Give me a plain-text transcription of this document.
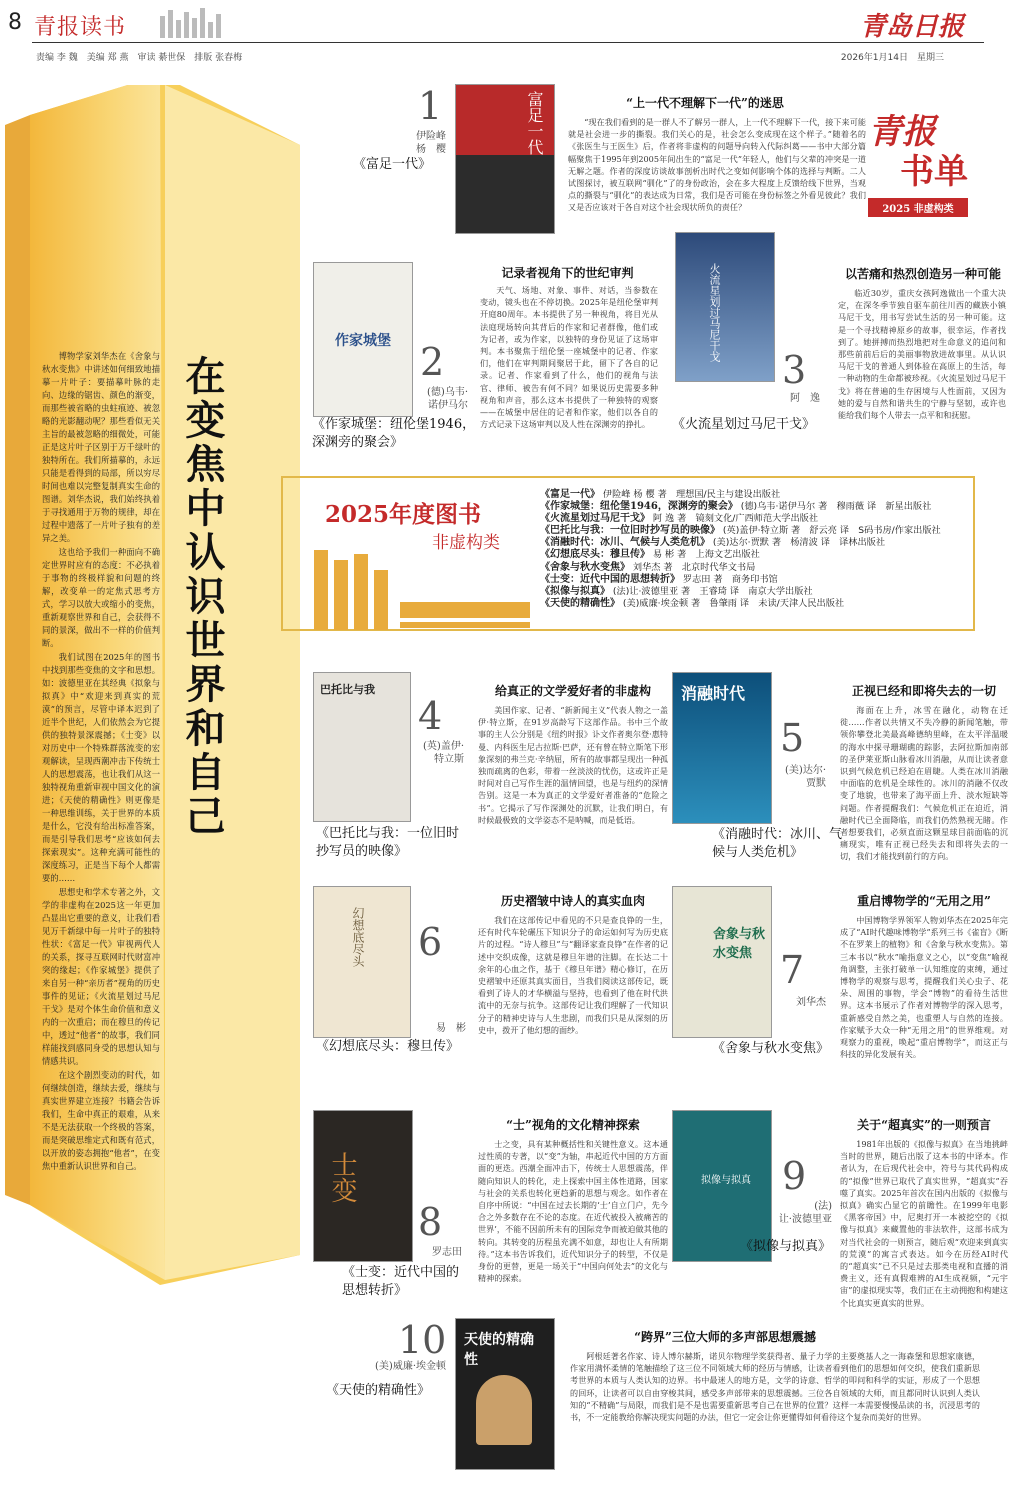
8 青报读书	青岛日报
责编 李 魏　美编 郑 燕　审读 綦世保　排版 张春梅	2026年1月14日　星期三

博物学家刘华杰在《舍象与秋水变焦》中讲述如何细致地描摹一片叶子：要描摹叶脉的走向、边缘的锯齿、颜色的渐变，而那些被省略的虫蛀痕迹、被忽略的光影翻动呢？那些看似无关主旨的最被忽略的细微处，可能正是这片叶子区别于万千绿叶的独特所在。我们所描摹的，永远只能是看得到的局部，所以穷尽时间也难以完整复制真实生命的图谱。刘华杰说，我们始终执着于寻找通用于万物的规律，却在过程中遗落了一片叶子独有的差异之美。

这也给予我们一种面向不确定世界时应有的态度：不必执着于事物的终极样貌和问题的终解，改变单一的定焦式思考方式，学习以放大或缩小的变焦，重新观察世界和自己，会获得不同的景深，做出不一样的价值判断。

我们试图在2025年的图书中找到那些变焦的文字和思想。如：波德里亚在其经典《拟象与拟真》中“欢迎来到真实的荒漠”的预言，尽管中译本迟到了近半个世纪，人们依然会为它提供的独特景深震撼；《士变》以对历史中一个特殊群落流变的宏观解读，呈现西潮冲击下传统士人的思想震荡，也让我们从这一独特视角重新审视中国文化的演进；《天使的精确性》则更像是一种思维训练，关于世界的本质是什么，它没有给出标准答案，而是引导我们思考“应该如何去探索现实”。这种充满可能性的深度练习，正是当下每个人都需要的……

思想史和学术专著之外，文学的非虚构在2025这一年更加凸显出它重要的意义，让我们看见万千新绿中每一片叶子的独特性状：《富足一代》审视两代人的关系，探寻互联网时代财富冲突的缘起；《作家城堡》提供了来自另一种“亲历者”视角的历史事件的见证；《火流星划过马尼干戈》是对个体生命价值和意义内的一次重启；而在穆旦的传记中，透过“他者”的故事，我们同样能找到感同身受的思想认知与情感共识。

在这个剧烈变动的时代，如何继续创造，继续去爱，继续与真实世界建立连接？书籍会告诉我们，生命中真正的艰难，从来不是无法获取一个终极的答案，而是突破思维定式和既有范式，以开放的姿态拥抱“他者”，在变焦中重新认识世界和自己。

在变焦中认识世界和自己
青报
书单
2025 非虚构类
1
伊险峰
杨　樱
《富足一代》
富足一代	“上一代不理解下一代”的迷思
“现在我们看到的是一群人不了解另一群人，上一代不理解下一代，接下来可能就是社会进一步的撕裂。我们关心的是，社会怎么变成现在这个样子。”随着名的《张医生与王医生》后，作者将非虚构的问题导向转入代际纠葛——书中大部分篇幅聚焦于1995年到2005年间出生的“富足一代”年轻人，他们与父辈的冲突是一道无解之题。作者的深度访谈故事剖析出时代之变如何影响个体的选择与判断。二人试图探讨，被互联网“驯化”了的身份政治，会在多大程度上反馈给线下世界，当观点的撕裂与“驯化”的表达成为日常，我们是否可能在身份标签之外看见彼此？我们又是否应该对于各自对这个社会现状所负的责任？
作家城堡 2
(德)乌韦·
诺伊马尔
《作家城堡：纽伦堡1946，深渊旁的聚会》
记录者视角下的世纪审判
天气、场地、对象、事件、对话，当参数在变动，镜头也在不停切换。2025年是纽伦堡审判开庭80周年。本书提供了另一种视角，将目光从法庭现场转向其背后的作家和记者群像，他们或为记者，或为作家，以独特的身份见证了这场审判。本书聚焦于纽伦堡一座城堡中的记者、作家们，他们在审判期间聚居于此，留下了各自的记录。记者、作家看到了什么，他们的视角与法官、律师、被告有何不同？如果说历史需要多种视角和声音，那么这本书提供了一种独特的观察——在城堡中居住的记者和作家，他们以各自的方式记录下这场审判以及人性在深渊旁的挣扎。
火流星划过马尼干戈
3
阿　逸
《火流星划过马尼干戈》
以苦痛和热烈创造另一种可能
临近30岁，重庆女孩阿逸做出一个重大决定，在深冬季节独自驱车前往川西的藏族小镇马尼干戈，用书写尝试生活的另一种可能。这是一个寻找精神原乡的故事，很幸运，作者找到了。她拼搏而热烈地把对生命意义的追问和那些前前后后的美丽事物放进故事里。从认识马尼干戈的普通人到体验在高原上的生活，每一种动物的生命都被珍视。《火流星划过马尼干戈》将在普遍的生存困境与人性面前，又因为她的爱与自然和谐共生的宁静与坚韧，或许也能给我们每个人带去一点平和和抚慰。
2025年度图书
非虚构类
《富足一代》 伊险峰 杨 樱 著　理想国/民主与建设出版社
《作家城堡：纽伦堡1946，深渊旁的聚会》 (德)乌韦·诺伊马尔 著　穆雨薇 译　新星出版社
《火流星划过马尼干戈》 阿 逸 著　镜刻文化/广西师范大学出版社
《巴托比与我：一位旧时抄写员的映像》 (英)盖伊·特立斯 著　舒云亮 译　S码书房/作家出版社
《消融时代：冰川、气候与人类危机》 (美)达尔·贾默 著　杨清波 译　译林出版社
《幻想底尽头：穆旦传》 易 彬 著　上海文艺出版社
《舍象与秋水变焦》 刘华杰 著　北京时代华文书局
《士变：近代中国的思想转折》 罗志田 著　商务印书馆
《拟像与拟真》 (法)让·波德里亚 著　王睿琦 译　南京大学出版社
《天使的精确性》 (美)威廉·埃金顿 著　鲁肇雨 译　未读/天津人民出版社
巴托比与我
4
(英)盖伊·
特立斯
《巴托比与我：一位旧时抄写员的映像》
给真正的文学爱好者的非虚构
美国作家、记者、“新新闻主义”代表人物之一盖伊·特立斯，在91岁高龄写下这部作品。书中三个故事的主人公分别是《纽约时报》讣文作者奥尔登·惠特曼、内科医生尼古拉斯·巴萨，还有曾在特立斯笔下形象深刻的弗兰克·辛纳屈，所有的故事都呈现出一种孤独而疏离的色彩，带着一丝淡淡的忧伤，这或许正是时间对自己写作生涯的温情回望，也是与纽约的深情告别。这是一本为真正的文学爱好者准备的“危险之书”。它揭示了写作深渊处的沉默，让我们明白，有时候最极致的文学姿态不是呐喊，而是低语。
消融时代
5
(美)达尔·
贾默
《消融时代：冰川、气候与人类危机》
正视已经和即将失去的一切
海面在上升，冰雪在融化，动物在迁徙……作者以共情又不失冷静的新闻笔触，带领你攀登北美最高峰德纳里峰，在太平洋温暖的海水中探寻珊瑚礁的踪影，去阿拉斯加南部的圣伊莱亚斯山脉看冰川消融，从而让读者意识到气候危机已经迫在眉睫。人类在冰川消融中面临的危机是全球性的。冰川的消融不仅改变了地貌，也带来了海平面上升、淡水短缺等问题。作者提醒我们：气候危机正在迫近，消融时代已全面降临，而我们仍然熟视无睹。作者想要我们，必须直面这颗星球目前面临的沉痛现实，唯有正视已经失去和即将失去的一切，我们才能找到前行的方向。
幻想底尽头 6
易　彬
《幻想底尽头：穆旦传》
历史褶皱中诗人的真实血肉
我们在这部传记中看见的不只是查良铮的一生，还有时代车轮碾压下知识分子的命运如何写为历史底片的过程。“诗人穆旦”与“翻译家查良铮”在作者的记述中交织成像，这就是穆旦年谱的注脚。在长达二十余年的心血之作，基于《穆旦年谱》精心修订，在历史褶皱中还原其真实面目，当我们阅读这部传记，既看到了诗人的才华横溢与坚持，也看到了他在时代洪流中的无奈与抗争。这部传记让我们理解了一代知识分子的精神史诗与人生悲剧，而我们只是从深刻的历史中，拨开了他幻想的面纱。
舍象与秋水变焦 7
刘华杰
《舍象与秋水变焦》
重启博物学的“无用之用”
中国博物学界领军人物刘华杰在2025年完成了“AI时代趣味博物学”系列三书《雀盲》《断不在罗莱上的植物》和《舍象与秋水变焦》。第三本书以“秋水”喻指意义之心，以“变焦”喻视角调整，主张打破单一认知维度的束缚，通过博物学的观察与思考，提醒我们关心虫子、花朵、周围的事物，学会“博物”的看待生活世界。这本书展示了作者对博物学的深入思考，重新感受自然之美，也重塑人与自然的连接。作家赋予大众一种“无用之用”的世界维观。对观察力的重视，唤起“重启博物学”，而这正与科技的异化发展有关。
士变
8
罗志田
《士变：近代中国的思想转折》
“士”视角的文化精神探索
士之变，具有某种概括性和关键性意义。这本通过性质的专著，以“变”为轴，串起近代中国的方方面面的更迭。西潮全面冲击下，传统士人思想震荡，伴随向知识人的转化，走上探索中国主体性道路，国家与社会的关系也转化更趋新的思想与观念。如作者在自序中所说：“中国在过去长期的‘士’自立门户，先今合之外多数存在不论的态度。在近代被投入被痛苦的世界’，不能不因前所未有的国际竞争而被迫做其他的转向。其转变的历程虽充满不如意，却也让人有所期待。”这本书告诉我们，近代知识分子的转型，不仅是身份的更替，更是一场关于“中国向何处去”的文化与精神的探索。
拟像与拟真 9
(法)
让·波德里亚
《拟像与拟真》
关于“超真实”的一则预言
1981年出版的《拟像与拟真》在当地挑衅当时的世界，随后出版了这本书的中译本。作者认为，在后现代社会中，符号与其代码构成的“拟像”世界已取代了真实世界，“超真实”吞噬了真实。2025年首次在国内出版的《拟像与拟真》确实凸显它的前瞻性。在1999年电影《黑客帝国》中，尼奥打开一本被挖空的《拟像与拟真》来藏置他的非法软件，这部书成为对当代社会的一则预言，随后观“欢迎来到真实的荒漠”的寓言式表达。如今在历经AI时代的“超真实”已不只是过去那类电视和直播的消费主义，还有真假难辨的AI生成视频，“元宇宙”的虚拟现实等，我们正在主动拥抱和构建这个比真实更真实的世界。
10
(美)威廉·埃金顿
《天使的精确性》
天使的精确性
“跨界”三位大师的多声部思想震撼
阿根廷著名作家、诗人博尔赫斯，诺贝尔物理学奖获得者、量子力学的主要奠基人之一海森堡和思想家康德，作家用满怀柔情的笔触描绘了这三位不同领域大师的经历与情感，让读者看到他们的思想如何交织，使我们重新思考世界的本质与人类认知的边界。书中最迷人的地方是，文学的诗意、哲学的叩问和科学的实证，形成了一个思想的回环，让读者可以自由穿梭其间，感受多声部带来的思想震撼。三位各自领域的大师，而且都同时认识到人类认知的“不精确”与局限，而我们是不是也需要重新思考自己在世界的位置？这样一本需要慢慢品读的书，沉浸思考的书，不一定能教给你解决现实问题的办法，但它一定会让你更懂得如何看待这个复杂而美好的世界。
